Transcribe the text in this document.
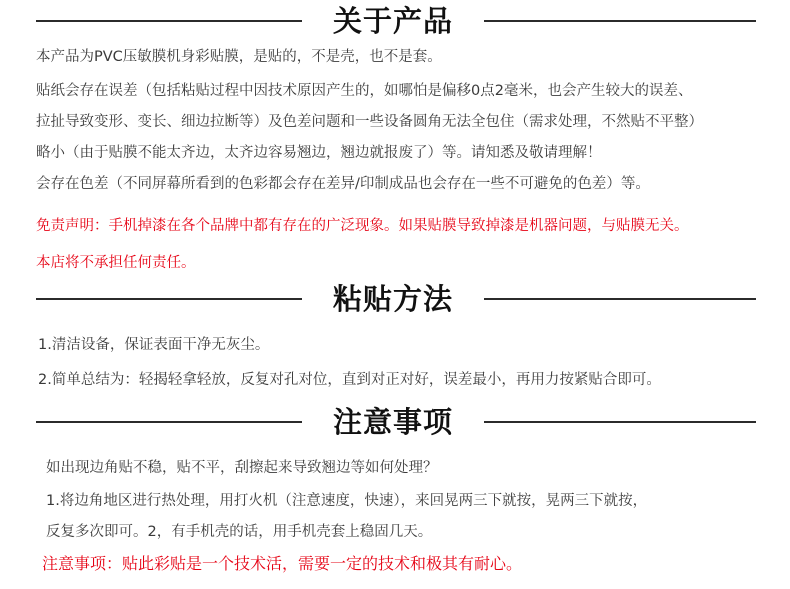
关于产品
本产品为PVC压敏膜机身彩贴膜，是贴的，不是壳，也不是套。
贴纸会存在误差（包括粘贴过程中因技术原因产生的，如哪怕是偏移0点2毫米，也会产生较大的误差、
拉扯导致变形、变长、细边拉断等）及色差问题和一些设备圆角无法全包住（需求处理，不然贴不平整）
略小（由于贴膜不能太齐边，太齐边容易翘边，翘边就报废了）等。请知悉及敬请理解！
会存在色差（不同屏幕所看到的色彩都会存在差异/印制成品也会存在一些不可避免的色差）等。
免责声明：手机掉漆在各个品牌中都有存在的广泛现象。如果贴膜导致掉漆是机器问题，与贴膜无关。
本店将不承担任何责任。
粘贴方法
1.清洁设备，保证表面干净无灰尘。
2.简单总结为：轻揭轻拿轻放，反复对孔对位，直到对正对好，误差最小，再用力按紧贴合即可。
注意事项
如出现边角贴不稳，贴不平，刮擦起来导致翘边等如何处理？
1.将边角地区进行热处理，用打火机（注意速度，快速），来回晃两三下就按，晃两三下就按，
反复多次即可。2，有手机壳的话，用手机壳套上稳固几天。
注意事项：贴此彩贴是一个技术活，需要一定的技术和极其有耐心。
